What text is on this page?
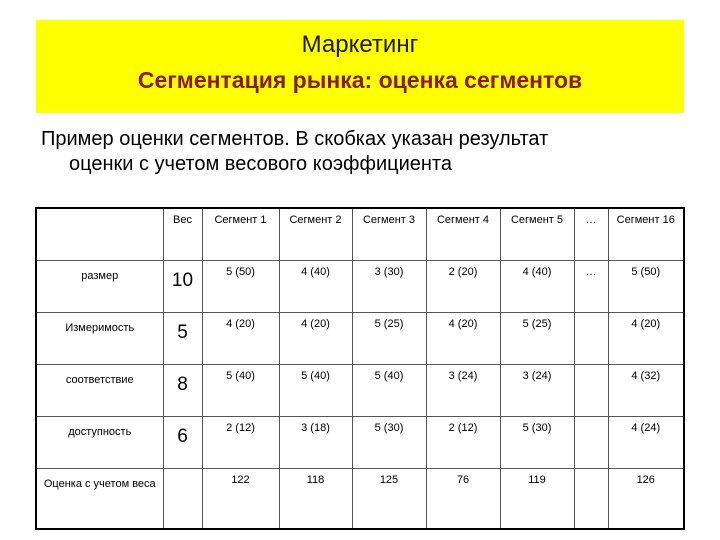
Маркетинг
Сегментация рынка: оценка сегментов
Пример оценки сегментов. В скобках указан результат
оценки с учетом весового коэффициента
	Вес	Сегмент 1	Сегмент 2	Сегмент 3	Сегмент 4	Сегмент 5	…	Сегмент 16
размер	10	5 (50)	4 (40)	3 (30)	2 (20)	4 (40)	…	5 (50)
Измеримость	5	4 (20)	4 (20)	5 (25)	4 (20)	5 (25)		4 (20)
соответствие	8	5 (40)	5 (40)	5 (40)	3 (24)	3 (24)		4 (32)
доступность	6	2 (12)	3 (18)	5 (30)	2 (12)	5 (30)		4 (24)
Оценка с учетом веса		122	118	125	76	119		126
